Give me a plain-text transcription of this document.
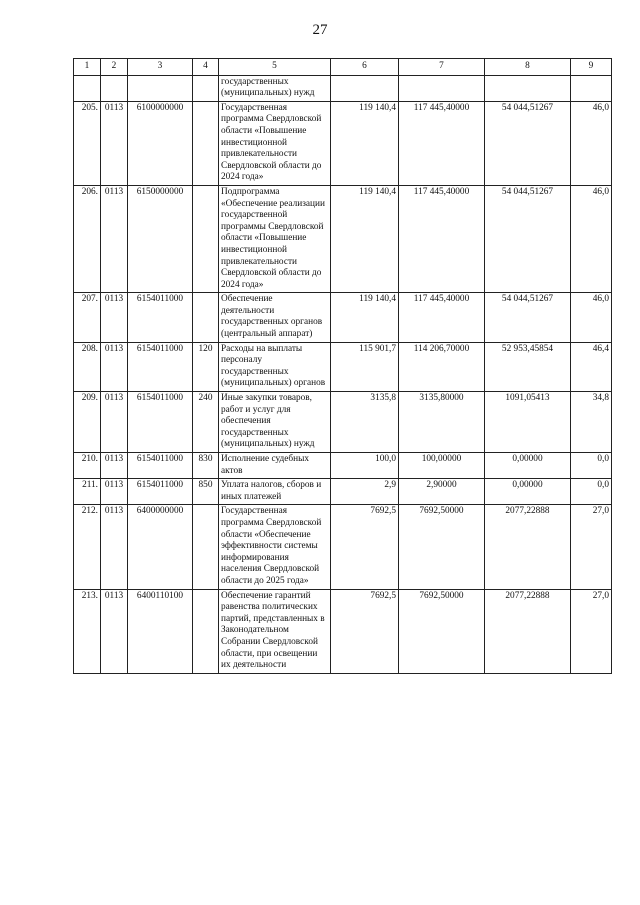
27
1	2	3	4	5	6	7	8	9
				государственных (муниципальных) нужд				
205.	0113	6100000000		Государственная программа Свердловской области «Повышение инвестиционной привлекательности Свердловской области до 2024 года»	119 140,4	117 445,40000	54 044,51267	46,0
206.	0113	6150000000		Подпрограмма «Обеспечение реализации государственной программы Свердловской области «Повышение инвестиционной привлекательности Свердловской области до 2024 года»	119 140,4	117 445,40000	54 044,51267	46,0
207.	0113	6154011000		Обеспечение деятельности государственных органов (центральный аппарат)	119 140,4	117 445,40000	54 044,51267	46,0
208.	0113	6154011000	120	Расходы на выплаты персоналу государственных (муниципальных) органов	115 901,7	114 206,70000	52 953,45854	46,4
209.	0113	6154011000	240	Иные закупки товаров, работ и услуг для обеспечения государственных (муниципальных) нужд	3135,8	3135,80000	1091,05413	34,8
210.	0113	6154011000	830	Исполнение судебных актов	100,0	100,00000	0,00000	0,0
211.	0113	6154011000	850	Уплата налогов, сборов и иных платежей	2,9	2,90000	0,00000	0,0
212.	0113	6400000000		Государственная программа Свердловской области «Обеспечение эффективности системы информирования населения Свердловской области до 2025 года»	7692,5	7692,50000	2077,22888	27,0
213.	0113	6400110100		Обеспечение гарантий равенства политических партий, представленных в Законодательном Собрании Свердловской области, при освещении их деятельности	7692,5	7692,50000	2077,22888	27,0
